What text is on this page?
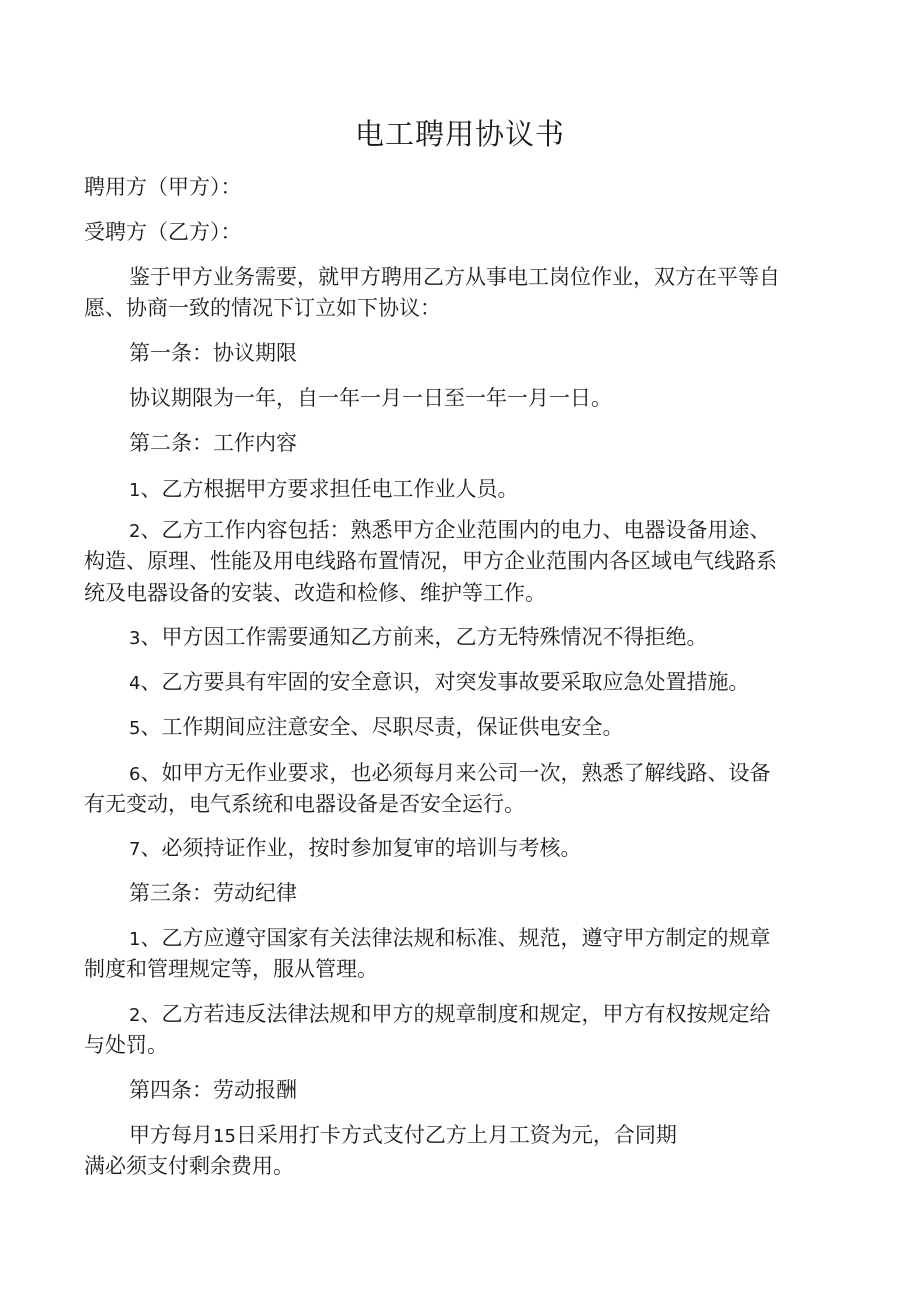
电工聘用协议书

聘用方（甲方）：

受聘方（乙方）：

鉴于甲方业务需要，就甲方聘用乙方从事电工岗位作业，双方在平等自

愿、协商一致的情况下订立如下协议：

第一条：协议期限

协议期限为一年，自一年一月一日至一年一月一日。

第二条：工作内容

1、乙方根据甲方要求担任电工作业人员。

2、乙方工作内容包括：熟悉甲方企业范围内的电力、电器设备用途、

构造、原理、性能及用电线路布置情况，甲方企业范围内各区域电气线路系

统及电器设备的安装、改造和检修、维护等工作。

3、甲方因工作需要通知乙方前来，乙方无特殊情况不得拒绝。

4、乙方要具有牢固的安全意识，对突发事故要采取应急处置措施。

5、工作期间应注意安全、尽职尽责，保证供电安全。

6、如甲方无作业要求，也必须每月来公司一次，熟悉了解线路、设备

有无变动，电气系统和电器设备是否安全运行。

7、必须持证作业，按时参加复审的培训与考核。

第三条：劳动纪律

1、乙方应遵守国家有关法律法规和标准、规范，遵守甲方制定的规章

制度和管理规定等，服从管理。

2、乙方若违反法律法规和甲方的规章制度和规定，甲方有权按规定给

与处罚。

第四条：劳动报酬

甲方每月15日采用打卡方式支付乙方上月工资为元，合同期

满必须支付剩余费用。
